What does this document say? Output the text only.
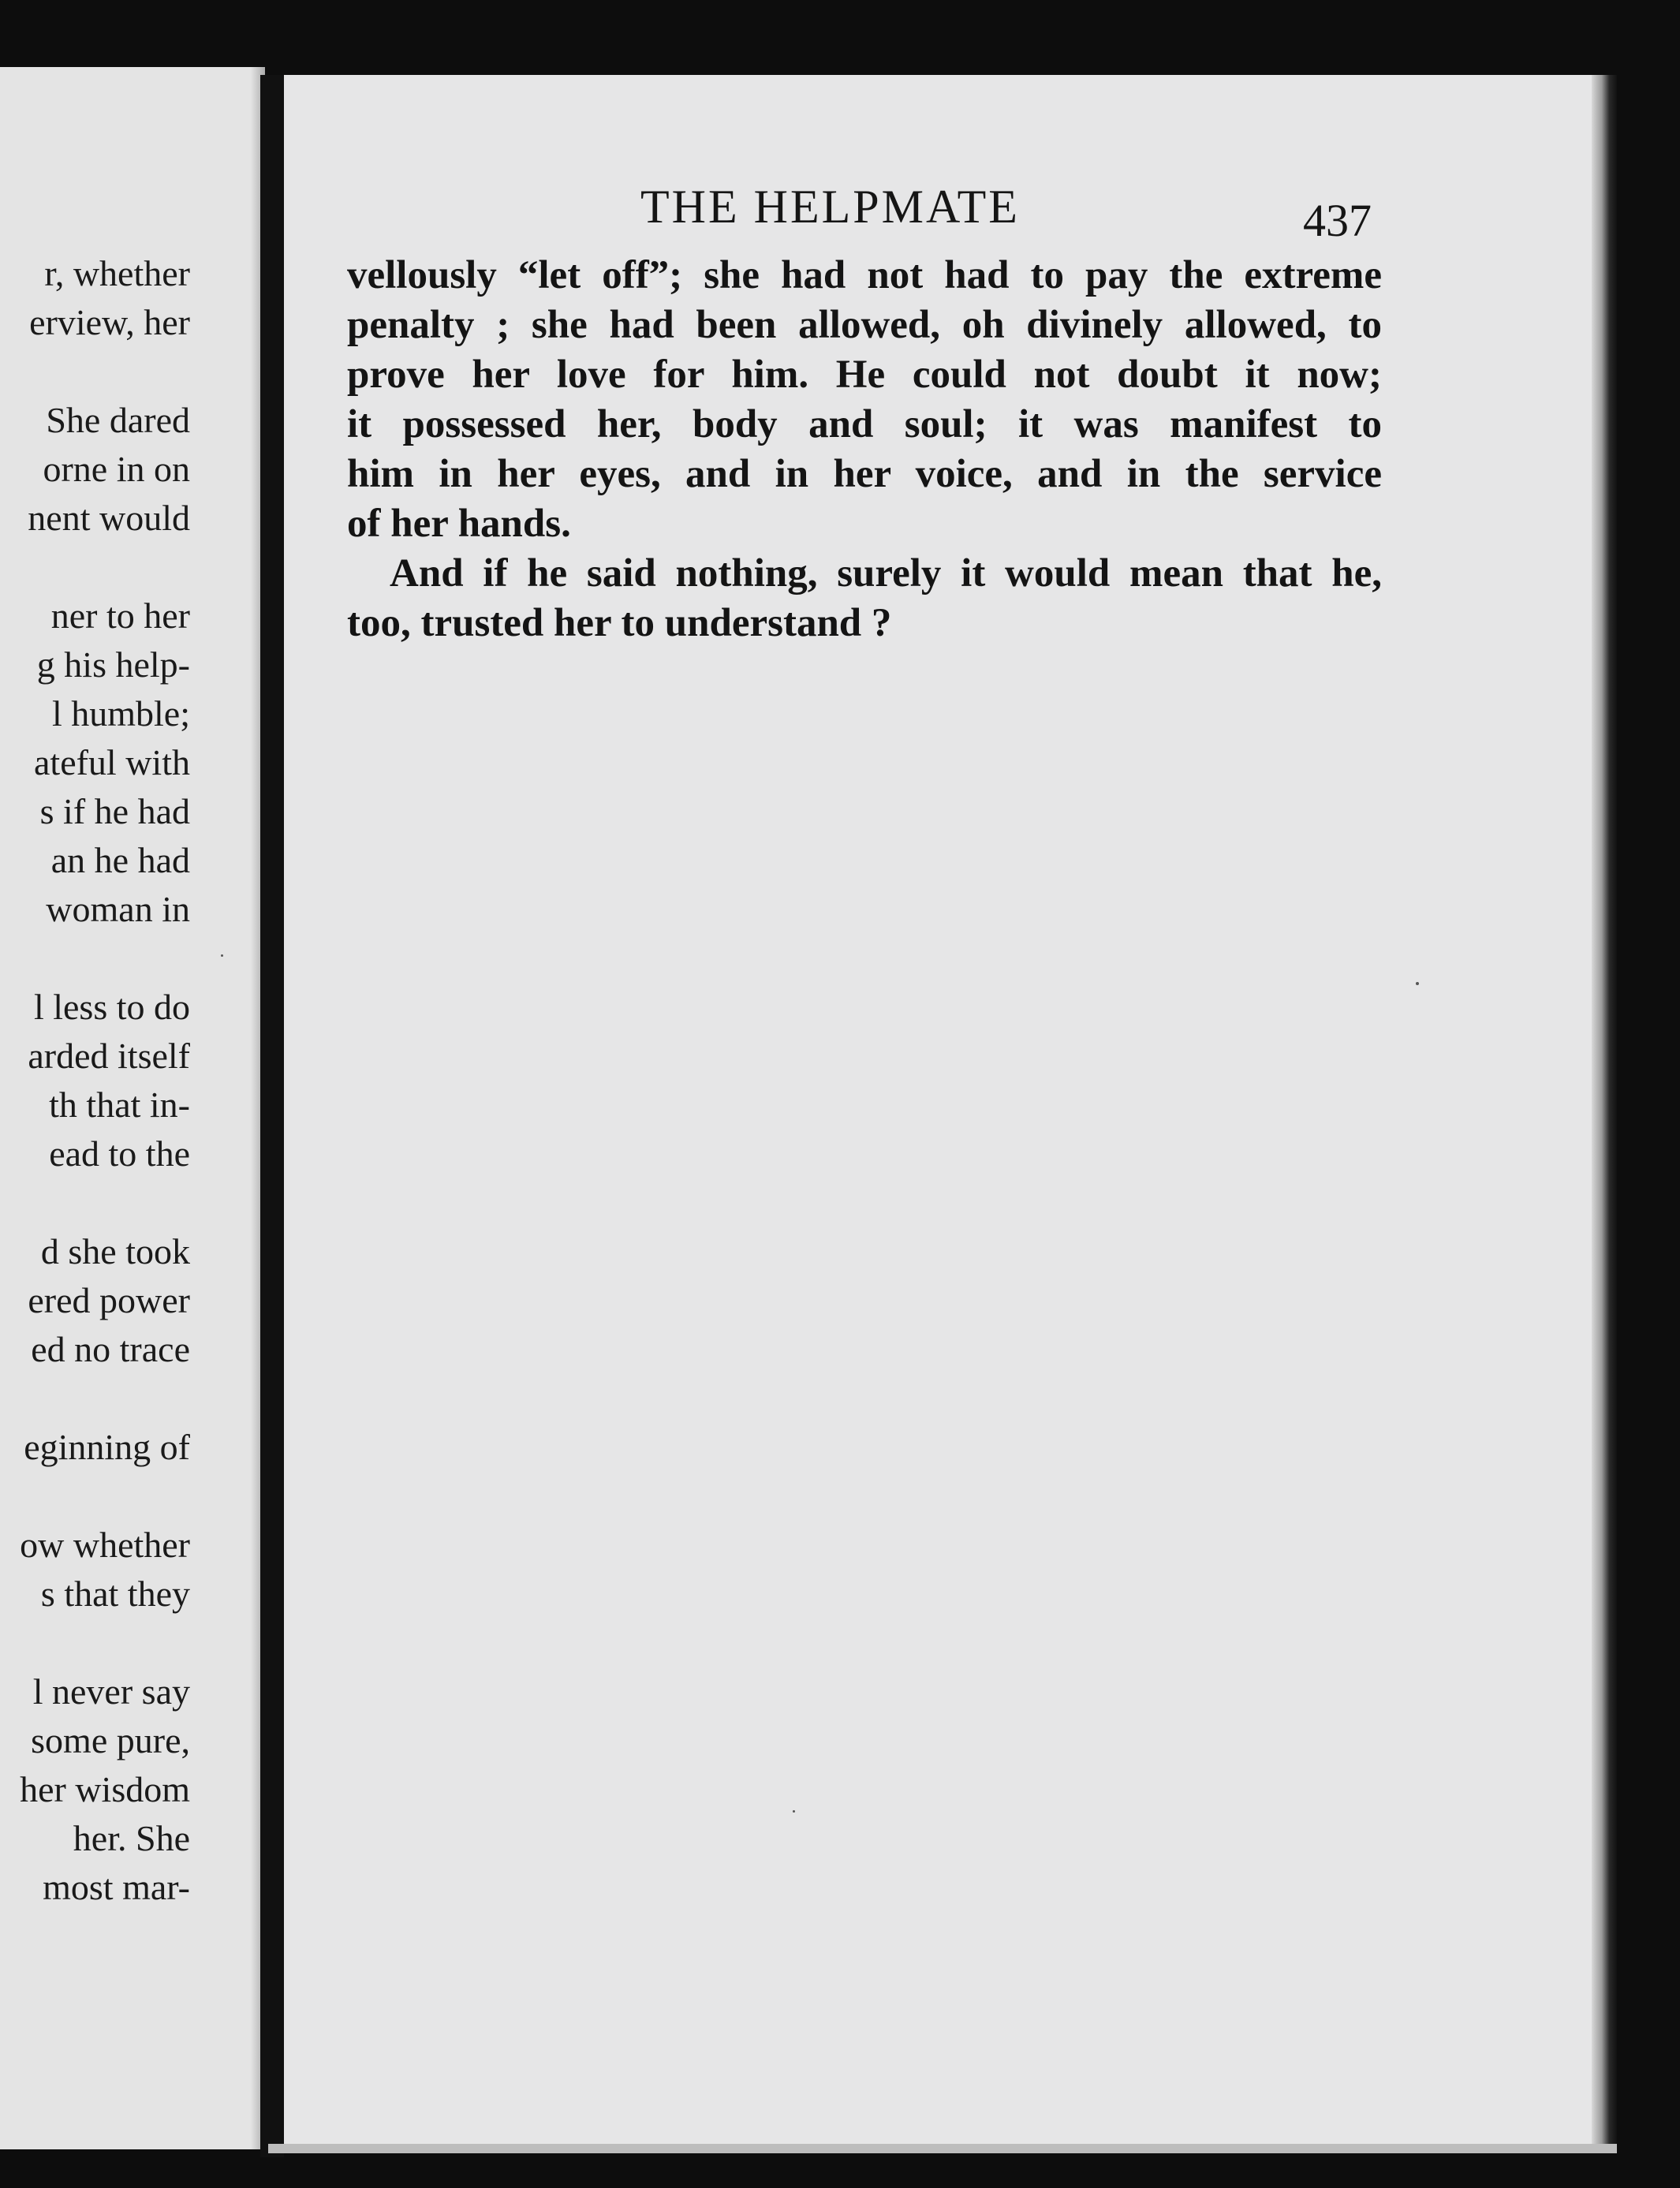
r, whether
erview, her
She dared
orne in on
nent would
ner to her
g his help-
l humble;
ateful with
s if he had
an he had
woman in
l less to do
arded itself
th that in-
ead to the
d she took
ered power
ed no trace
eginning of
ow whether
s that they
l never say
some pure,
her wisdom
her. She
most mar-
THE HELPMATE	437
vellously “let off”; she had not had to pay the extreme
penalty ; she had been allowed, oh divinely allowed, to
prove her love for him. He could not doubt it now;
it possessed her, body and soul; it was manifest to
him in her eyes, and in her voice, and in the service
of her hands.
And if he said nothing, surely it would mean that he,
too, trusted her to understand ?
